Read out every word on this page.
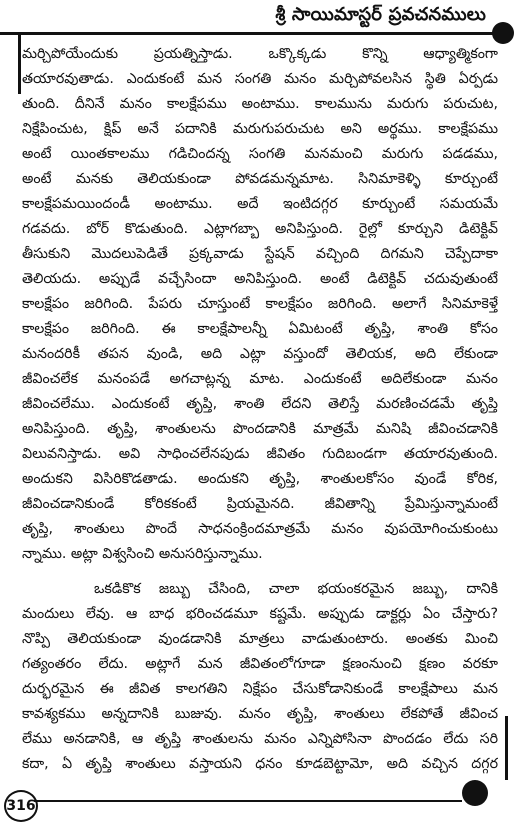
శ్రీ సాయిమాస్టర్ ప్రవచనములు
మర్చిపోయేందుకు ప్రయత్నిస్తాడు. ఒక్కొక్కడు కొన్ని ఆధ్యాత్మికంగా
తయారవుతాడు. ఎందుకంటే మన సంగతి మనం మర్చిపోవలసిన స్థితి ఏర్పడు
తుంది. దీనినే మనం కాలక్షేపము అంటాము. కాలమును మరుగు పరుచుట,
నిక్షేపించుట, క్షిప్ అనే పదానికి మరుగుపరుచుట అని అర్థము. కాలక్షేపము
అంటే యింతకాలము గడిచిందన్న సంగతి మనమంచి మరుగు పడడము,
అంటే మనకు తెలియకుండా పోవడమన్నమాట. సినిమాకెళ్ళి కూర్చుంటే
కాలక్షేపమయిందండీ అంటాము. అదే ఇంటిదగ్గర కూర్చుంటే సమయమే
గడవదు. బోర్ కొడుతుంది. ఎట్లాగబ్బా అనిపిస్తుంది. రైల్లో కూర్చుని డిటెక్టివ్
తీసుకుని మొదలుపెడితే ప్రక్కవాడు స్టేషన్ వచ్చింది దిగమని చెప్పేదాకా
తెలియదు. అప్పుడే వచ్చేసిందా అనిపిస్తుంది. అంటే డిటెక్టివ్ చదువుతుంటే
కాలక్షేపం జరిగింది. పేపరు చూస్తుంటే కాలక్షేపం జరిగింది. అలాగే సినిమాకెళ్తే
కాలక్షేపం జరిగింది. ఈ కాలక్షేపాలన్నీ ఏమిటంటే తృప్తి, శాంతి కోసం
మనందరికీ తపన వుండి, అది ఎట్లా వస్తుందో తెలియక, అది లేకుండా
జీవించలేక మనంపడే అగచాట్లన్న మాట. ఎందుకంటే అదిలేకుండా మనం
జీవించలేము. ఎందుకంటే తృప్తి, శాంతి లేదని తెలిస్తే మరణించడమే తృప్తి
అనిపిస్తుంది. తృప్తి, శాంతులను పొందడానికి మాత్రమే మనిషి జీవించడానికి
విలువనిస్తాడు. అవి సాధించలేనపుడు జీవితం గుదిబండగా తయారవుతుంది.
అందుకని విసిరికొడతాడు. అందుకని తృప్తి, శాంతులకోసం వుండే కోరిక,
జీవించడానికుండే కోరికకంటే ప్రియమైనది. జీవితాన్ని ప్రేమిస్తున్నామంటే
తృప్తి, శాంతులు పొందే సాధనంక్రిందమాత్రమే మనం వుపయోగించుకుంటు
న్నాము. అట్లా విశ్వసించి అనుసరిస్తున్నాము.
ఒకడికొక జబ్బు చేసింది, చాలా భయంకరమైన జబ్బు, దానికి
మందులు లేవు. ఆ బాధ భరించడమూ కష్టమే. అప్పుడు డాక్టర్లు ఏం చేస్తారు?
నొప్పి తెలియకుండా వుండడానికి మాత్రలు వాడుతుంటారు. అంతకు మించి
గత్యంతరం లేదు. అట్లాగే మన జీవితంలోగూడా క్షణంనుంచి క్షణం వరకూ
దుర్భరమైన ఈ జీవిత కాలగతిని నిక్షేపం చేసుకోడానికుండే కాలక్షేపాలు మన
కావశ్యకము అన్నదానికి బుజువు. మనం తృప్తి, శాంతులు లేకపోతే జీవించ
లేము అనడానికి, ఆ తృప్తి శాంతులను మనం ఎన్నిపోసినా పొందడం లేదు సరి
కదా, ఏ తృప్తి శాంతులు వస్తాయని ధనం కూడబెట్టామో, అది వచ్చిన దగ్గర
316
